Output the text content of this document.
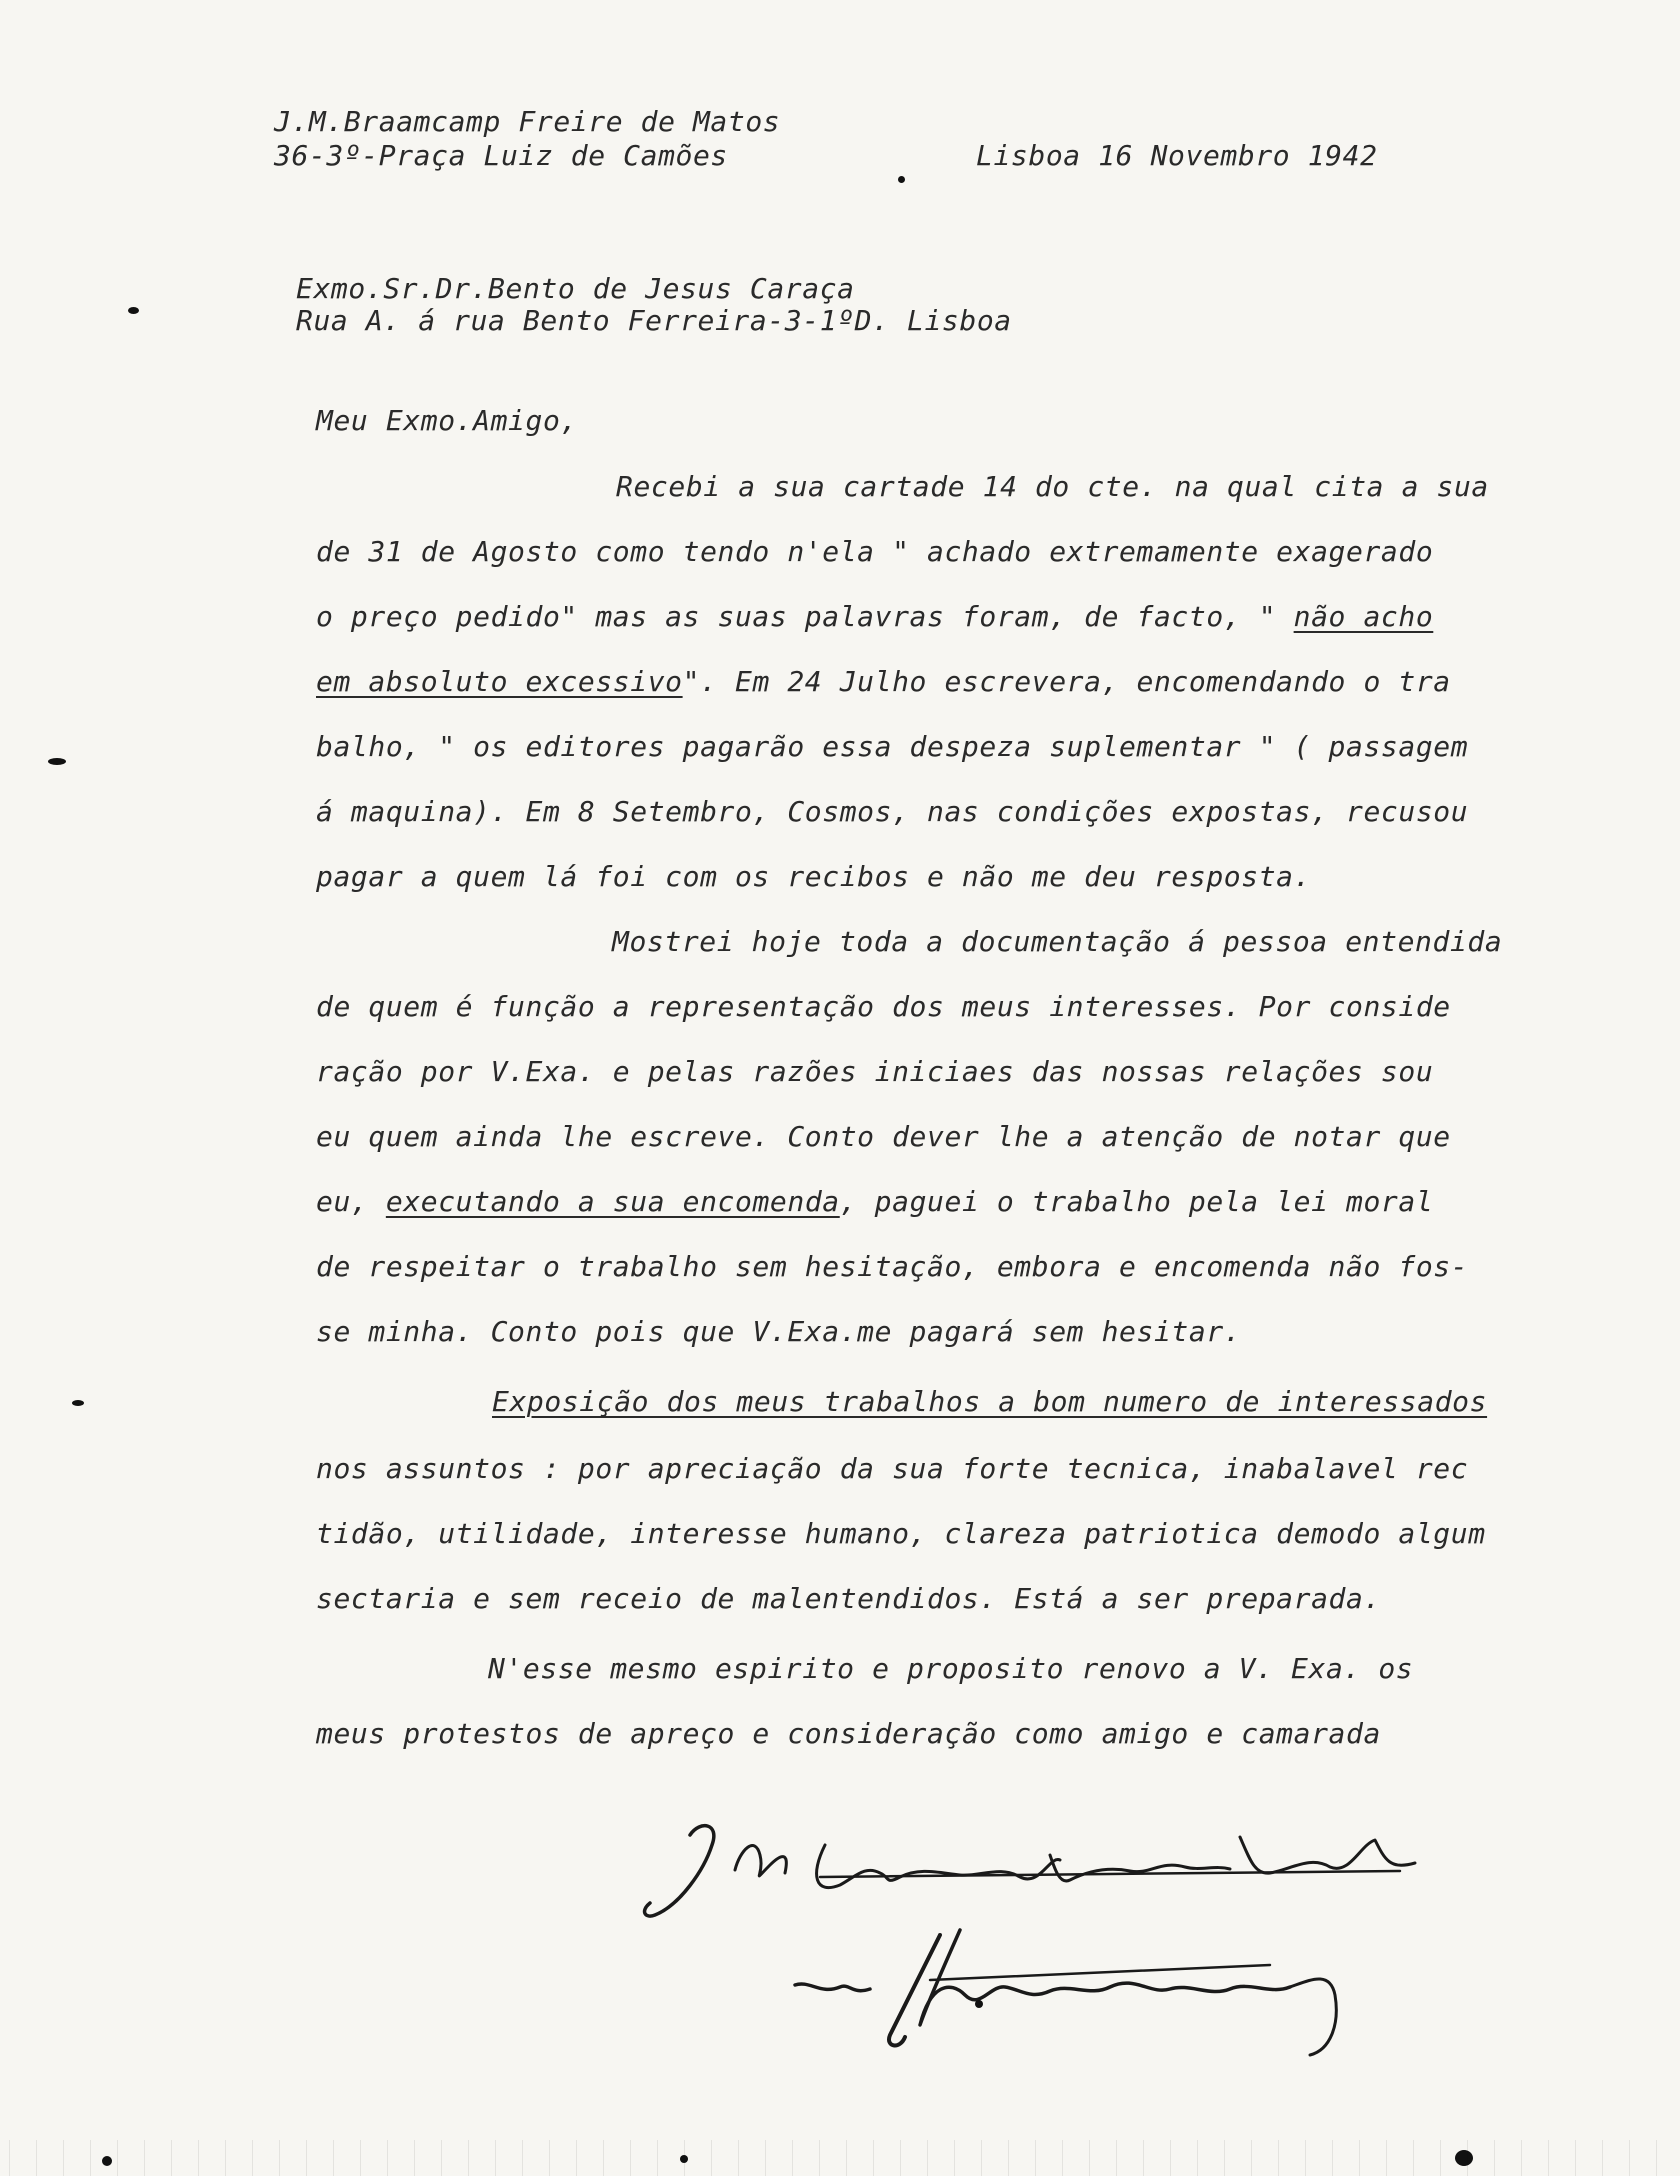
J.M.Braamcamp Freire de Matos
36-3º-Praça Luiz de Camões	Lisboa 16 Novembro 1942
Exmo.Sr.Dr.Bento de Jesus Caraça
Rua A. á rua Bento Ferreira-3-1ºD. Lisboa
Meu Exmo.Amigo,
Recebi a sua cartade 14 do cte. na qual cita a sua
de 31 de Agosto como tendo n'ela " achado extremamente exagerado
o preço pedido" mas as suas palavras foram, de facto, " não acho
em absoluto excessivo". Em 24 Julho escrevera, encomendando o tra
balho, " os editores pagarão essa despeza suplementar " ( passagem
á maquina). Em 8 Setembro, Cosmos, nas condições expostas, recusou
pagar a quem lá foi com os recibos e não me deu resposta.
Mostrei hoje toda a documentação á pessoa entendida
de quem é função a representação dos meus interesses. Por conside
ração por V.Exa. e pelas razões iniciaes das nossas relações sou
eu quem ainda lhe escreve. Conto dever lhe a atenção de notar que
eu, executando a sua encomenda, paguei o trabalho pela lei moral
de respeitar o trabalho sem hesitação, embora e encomenda não fos-
se minha. Conto pois que V.Exa.me pagará sem hesitar.
Exposição dos meus trabalhos a bom numero de interessados
nos assuntos : por apreciação da sua forte tecnica, inabalavel rec
tidão, utilidade, interesse humano, clareza patriotica demodo algum
sectaria e sem receio de malentendidos. Está a ser preparada.
N'esse mesmo espirito e proposito renovo a V. Exa. os
meus protestos de apreço e consideração como amigo e camarada
